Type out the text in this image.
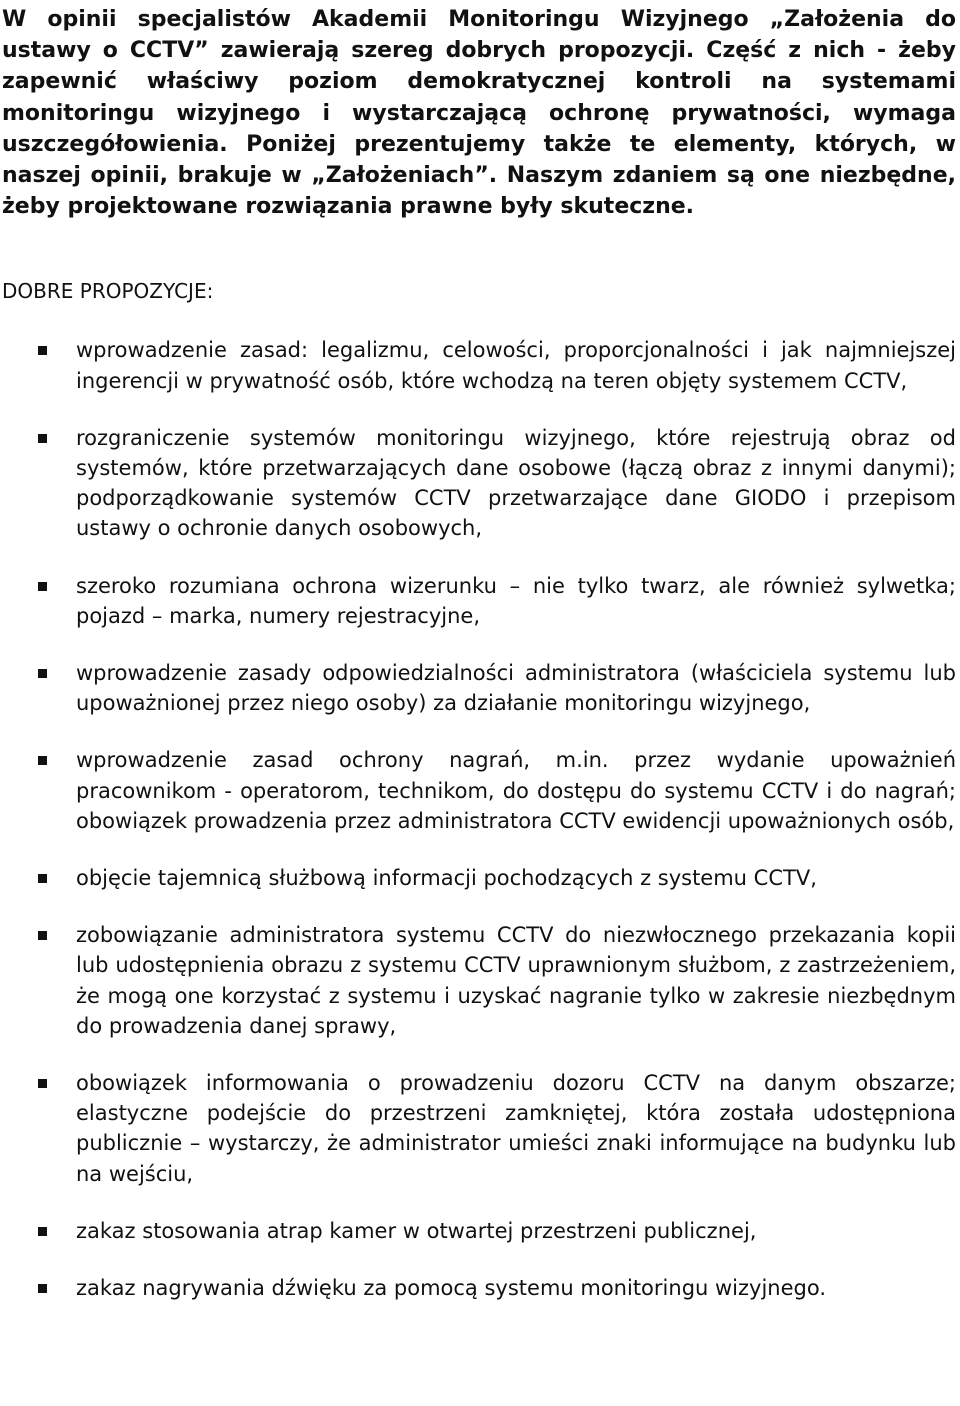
W opinii specjalistów Akademii Monitoringu Wizyjnego „Założenia do ustawy o CCTV” zawierają szereg dobrych propozycji. Część z nich - żeby zapewnić właściwy poziom demokratycznej kontroli na systemami monitoringu wizyjnego i wystarczającą ochronę prywatności, wymaga uszczegółowienia. Poniżej prezentujemy także te elementy, których, w naszej opinii, brakuje w „Założeniach”. Naszym zdaniem są one niezbędne, żeby projektowane rozwiązania prawne były skuteczne.

DOBRE PROPOZYCJE:
wprowadzenie zasad: legalizmu, celowości, proporcjonalności i jak najmniejszej ingerencji w prywatność osób, które wchodzą na teren objęty systemem CCTV,
rozgraniczenie systemów monitoringu wizyjnego, które rejestrują obraz od systemów, które przetwarzających dane osobowe (łączą obraz z innymi danymi); podporządkowanie systemów CCTV przetwarzające dane GIODO i przepisom ustawy o ochronie danych osobowych,
szeroko rozumiana ochrona wizerunku – nie tylko twarz, ale również sylwetka; pojazd – marka, numery rejestracyjne,
wprowadzenie zasady odpowiedzialności administratora (właściciela systemu lub upoważnionej przez niego osoby) za działanie monitoringu wizyjnego,
wprowadzenie zasad ochrony nagrań, m.in. przez wydanie upoważnień pracownikom - operatorom, technikom, do dostępu do systemu CCTV i do nagrań; obowiązek prowadzenia przez administratora CCTV ewidencji upoważnionych osób,
objęcie tajemnicą służbową informacji pochodzących z systemu CCTV,
zobowiązanie administratora systemu CCTV do niezwłocznego przekazania kopii lub udostępnienia obrazu z systemu CCTV uprawnionym służbom, z zastrzeżeniem, że mogą one korzystać z systemu i uzyskać nagranie tylko w zakresie niezbędnym do prowadzenia danej sprawy,
obowiązek informowania o prowadzeniu dozoru CCTV na danym obszarze; elastyczne podejście do przestrzeni zamkniętej, która została udostępniona publicznie – wystarczy, że administrator umieści znaki informujące na budynku lub na wejściu,
zakaz stosowania atrap kamer w otwartej przestrzeni publicznej,
zakaz nagrywania dźwięku za pomocą systemu monitoringu wizyjnego.
